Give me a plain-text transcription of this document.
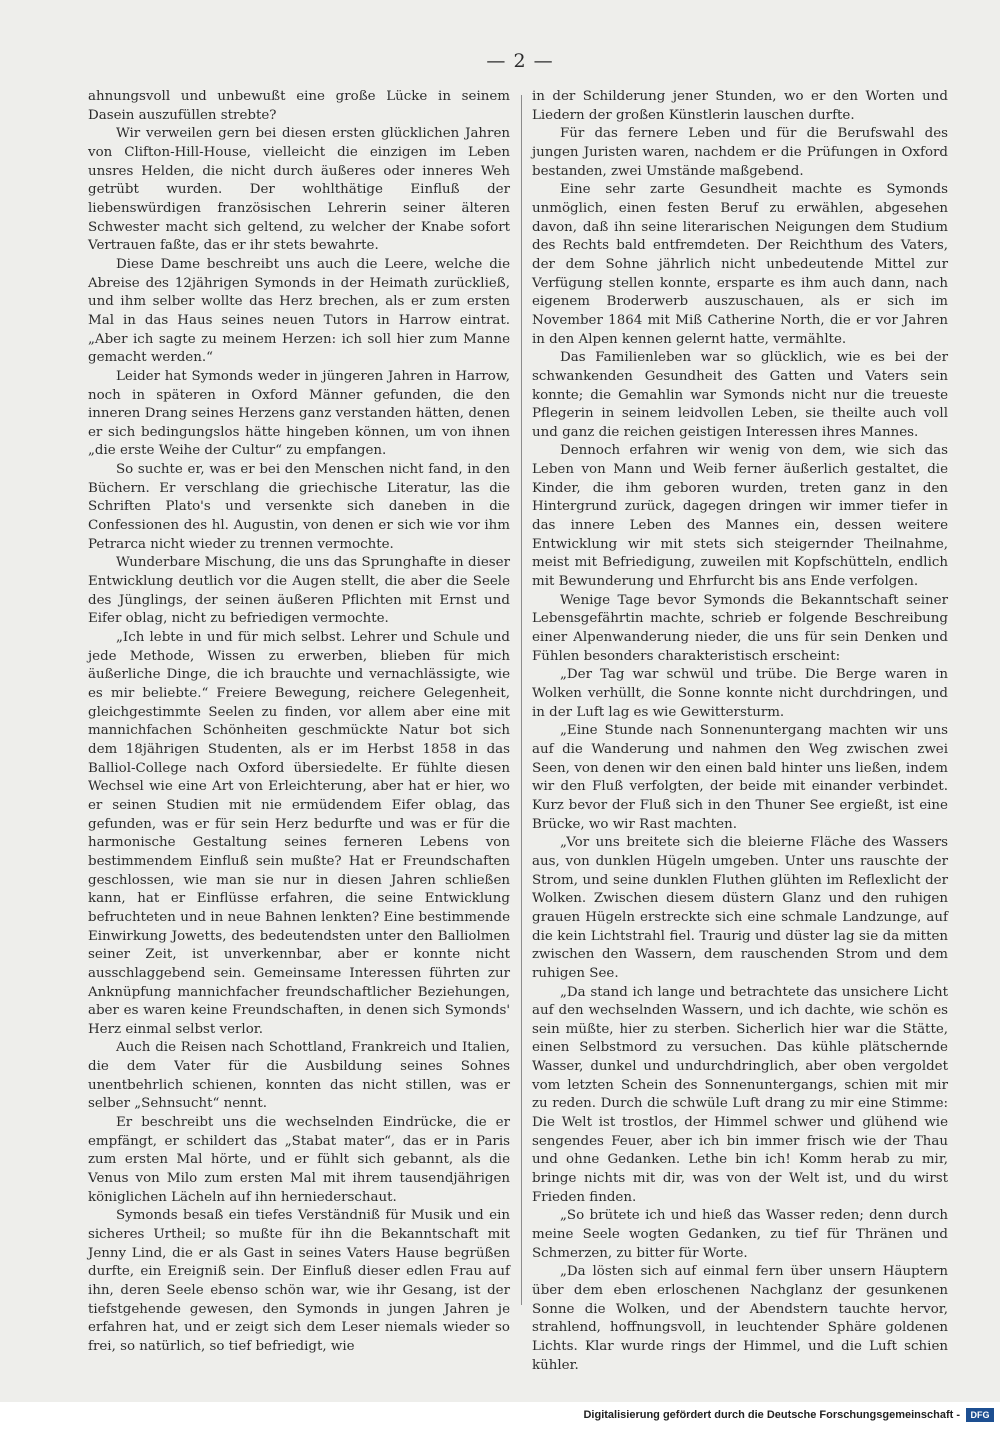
— 2 —

ahnungsvoll und unbewußt eine große Lücke in seinem Dasein auszufüllen strebte?

Wir verweilen gern bei diesen ersten glücklichen Jahren von Clifton-Hill-House, vielleicht die einzigen im Leben unsres Helden, die nicht durch äußeres oder inneres Weh getrübt wurden. Der wohlthätige Einfluß der liebenswürdigen französischen Lehrerin seiner älteren Schwester macht sich geltend, zu welcher der Knabe sofort Vertrauen faßte, das er ihr stets bewahrte.

Diese Dame beschreibt uns auch die Leere, welche die Abreise des 12jährigen Symonds in der Heimath zurückließ, und ihm selber wollte das Herz brechen, als er zum ersten Mal in das Haus seines neuen Tutors in Harrow eintrat. „Aber ich sagte zu meinem Herzen: ich soll hier zum Manne gemacht werden.“

Leider hat Symonds weder in jüngeren Jahren in Harrow, noch in späteren in Oxford Männer gefunden, die den inneren Drang seines Herzens ganz verstanden hätten, denen er sich bedingungslos hätte hingeben können, um von ihnen „die erste Weihe der Cultur“ zu empfangen.

So suchte er, was er bei den Menschen nicht fand, in den Büchern. Er verschlang die griechische Literatur, las die Schriften Plato's und versenkte sich daneben in die Confessionen des hl. Augustin, von denen er sich wie vor ihm Petrarca nicht wieder zu trennen vermochte.

Wunderbare Mischung, die uns das Sprunghafte in dieser Entwicklung deutlich vor die Augen stellt, die aber die Seele des Jünglings, der seinen äußeren Pflichten mit Ernst und Eifer oblag, nicht zu befriedigen vermochte.

„Ich lebte in und für mich selbst. Lehrer und Schule und jede Methode, Wissen zu erwerben, blieben für mich äußerliche Dinge, die ich brauchte und vernachlässigte, wie es mir beliebte.“ Freiere Bewegung, reichere Gelegenheit, gleichgestimmte Seelen zu finden, vor allem aber eine mit mannichfachen Schönheiten geschmückte Natur bot sich dem 18jährigen Studenten, als er im Herbst 1858 in das Balliol-College nach Oxford übersiedelte. Er fühlte diesen Wechsel wie eine Art von Erleichterung, aber hat er hier, wo er seinen Studien mit nie ermüdendem Eifer oblag, das gefunden, was er für sein Herz bedurfte und was er für die harmonische Gestaltung seines ferneren Lebens von bestimmendem Einfluß sein mußte? Hat er Freundschaften geschlossen, wie man sie nur in diesen Jahren schließen kann, hat er Einflüsse erfahren, die seine Entwicklung befruchteten und in neue Bahnen lenkten? Eine bestimmende Einwirkung Jowetts, des bedeutendsten unter den Balliolmen seiner Zeit, ist unverkennbar, aber er konnte nicht ausschlaggebend sein. Gemeinsame Interessen führten zur Anknüpfung mannichfacher freundschaftlicher Beziehungen, aber es waren keine Freundschaften, in denen sich Symonds' Herz einmal selbst verlor.

Auch die Reisen nach Schottland, Frankreich und Italien, die dem Vater für die Ausbildung seines Sohnes unentbehrlich schienen, konnten das nicht stillen, was er selber „Sehnsucht“ nennt.

Er beschreibt uns die wechselnden Eindrücke, die er empfängt, er schildert das „Stabat mater“, das er in Paris zum ersten Mal hörte, und er fühlt sich gebannt, als die Venus von Milo zum ersten Mal mit ihrem tausendjährigen königlichen Lächeln auf ihn herniederschaut.

Symonds besaß ein tiefes Verständniß für Musik und ein sicheres Urtheil; so mußte für ihn die Bekanntschaft mit Jenny Lind, die er als Gast in seines Vaters Hause begrüßen durfte, ein Ereigniß sein. Der Einfluß dieser edlen Frau auf ihn, deren Seele ebenso schön war, wie ihr Gesang, ist der tiefstgehende gewesen, den Symonds in jungen Jahren je erfahren hat, und er zeigt sich dem Leser niemals wieder so frei, so natürlich, so tief befriedigt, wie

in der Schilderung jener Stunden, wo er den Worten und Liedern der großen Künstlerin lauschen durfte.

Für das fernere Leben und für die Berufswahl des jungen Juristen waren, nachdem er die Prüfungen in Oxford bestanden, zwei Umstände maßgebend.

Eine sehr zarte Gesundheit machte es Symonds unmöglich, einen festen Beruf zu erwählen, abgesehen davon, daß ihn seine literarischen Neigungen dem Studium des Rechts bald entfremdeten. Der Reichthum des Vaters, der dem Sohne jährlich nicht unbedeutende Mittel zur Verfügung stellen konnte, ersparte es ihm auch dann, nach eigenem Broderwerb auszuschauen, als er sich im November 1864 mit Miß Catherine North, die er vor Jahren in den Alpen kennen gelernt hatte, vermählte.

Das Familienleben war so glücklich, wie es bei der schwankenden Gesundheit des Gatten und Vaters sein konnte; die Gemahlin war Symonds nicht nur die treueste Pflegerin in seinem leidvollen Leben, sie theilte auch voll und ganz die reichen geistigen Interessen ihres Mannes.

Dennoch erfahren wir wenig von dem, wie sich das Leben von Mann und Weib ferner äußerlich gestaltet, die Kinder, die ihm geboren wurden, treten ganz in den Hintergrund zurück, dagegen dringen wir immer tiefer in das innere Leben des Mannes ein, dessen weitere Entwicklung wir mit stets sich steigernder Theilnahme, meist mit Befriedigung, zuweilen mit Kopfschütteln, endlich mit Bewunderung und Ehrfurcht bis ans Ende verfolgen.

Wenige Tage bevor Symonds die Bekanntschaft seiner Lebensgefährtin machte, schrieb er folgende Beschreibung einer Alpenwanderung nieder, die uns für sein Denken und Fühlen besonders charakteristisch erscheint:

„Der Tag war schwül und trübe. Die Berge waren in Wolken verhüllt, die Sonne konnte nicht durchdringen, und in der Luft lag es wie Gewittersturm.

„Eine Stunde nach Sonnenuntergang machten wir uns auf die Wanderung und nahmen den Weg zwischen zwei Seen, von denen wir den einen bald hinter uns ließen, indem wir den Fluß verfolgten, der beide mit einander verbindet. Kurz bevor der Fluß sich in den Thuner See ergießt, ist eine Brücke, wo wir Rast machten.

„Vor uns breitete sich die bleierne Fläche des Wassers aus, von dunklen Hügeln umgeben. Unter uns rauschte der Strom, und seine dunklen Fluthen glühten im Reflexlicht der Wolken. Zwischen diesem düstern Glanz und den ruhigen grauen Hügeln erstreckte sich eine schmale Landzunge, auf die kein Lichtstrahl fiel. Traurig und düster lag sie da mitten zwischen den Wassern, dem rauschenden Strom und dem ruhigen See.

„Da stand ich lange und betrachtete das unsichere Licht auf den wechselnden Wassern, und ich dachte, wie schön es sein müßte, hier zu sterben. Sicherlich hier war die Stätte, einen Selbstmord zu versuchen. Das kühle plätschernde Wasser, dunkel und undurchdringlich, aber oben vergoldet vom letzten Schein des Sonnenuntergangs, schien mit mir zu reden. Durch die schwüle Luft drang zu mir eine Stimme: Die Welt ist trostlos, der Himmel schwer und glühend wie sengendes Feuer, aber ich bin immer frisch wie der Thau und ohne Gedanken. Lethe bin ich! Komm herab zu mir, bringe nichts mit dir, was von der Welt ist, und du wirst Frieden finden.

„So brütete ich und hieß das Wasser reden; denn durch meine Seele wogten Gedanken, zu tief für Thränen und Schmerzen, zu bitter für Worte.

„Da lösten sich auf einmal fern über unsern Häuptern über dem eben erloschenen Nachglanz der gesunkenen Sonne die Wolken, und der Abendstern tauchte hervor, strahlend, hoffnungsvoll, in leuchtender Sphäre goldenen Lichts. Klar wurde rings der Himmel, und die Luft schien kühler.

Digitalisierung gefördert durch die Deutsche Forschungsgemeinschaft -	DFG
